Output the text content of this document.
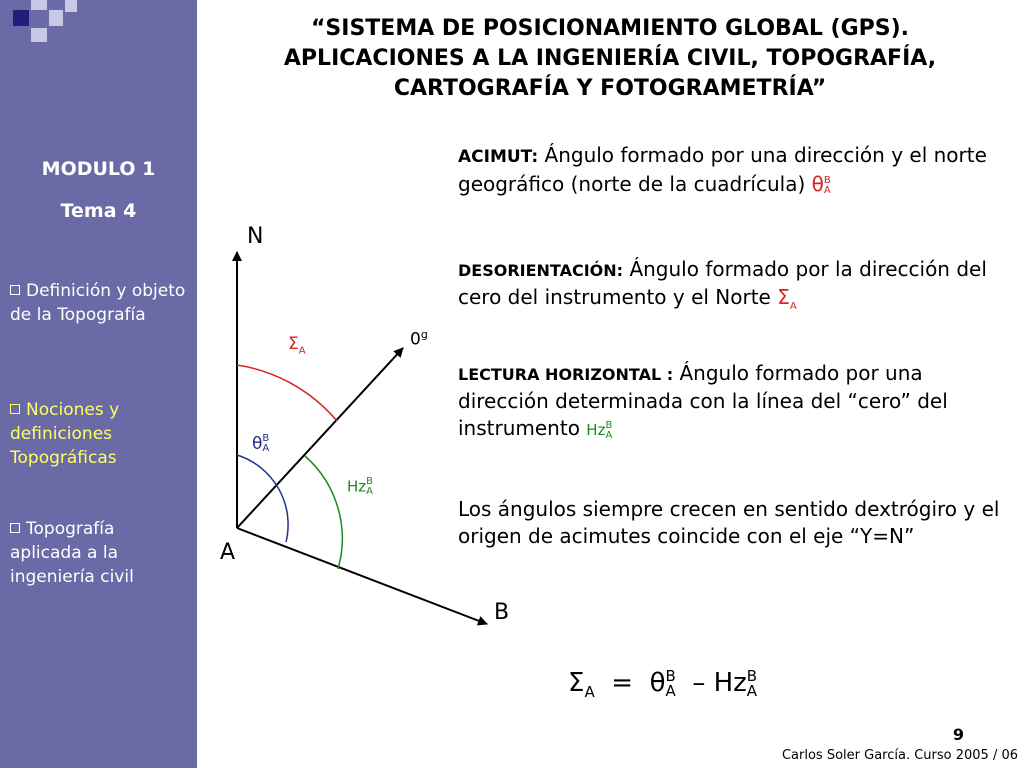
MODULO 1
Tema 4
Definición y objeto de la Topografía
Nociones y definiciones Topográficas
Topografía aplicada a la ingeniería civil
“SISTEMA DE POSICIONAMIENTO GLOBAL (GPS).
APLICACIONES A LA INGENIERÍA CIVIL, TOPOGRAFÍA,
CARTOGRAFÍA Y FOTOGRAMETRÍA”
N
A
B
0$^g$
$\Sigma_A$
θB
A
HzB
A
ACIMUT: Ángulo formado por una dirección y el norte geográfico (norte de la cuadrícula) θB
A
DESORIENTACIÓN: Ángulo formado por la dirección del cero del instrumento y el Norte $\Sigma_A$
LECTURA HORIZONTAL : Ángulo formado por una dirección determinada con la línea del “cero” del instrumento HzB
A
Los ángulos siempre crecen en sentido dextrógiro y el origen de acimutes coincide con el eje “Y=N”
$\Sigma_A = \theta B$
A – HzB
A
9
Carlos Soler García. Curso 2005 / 06
